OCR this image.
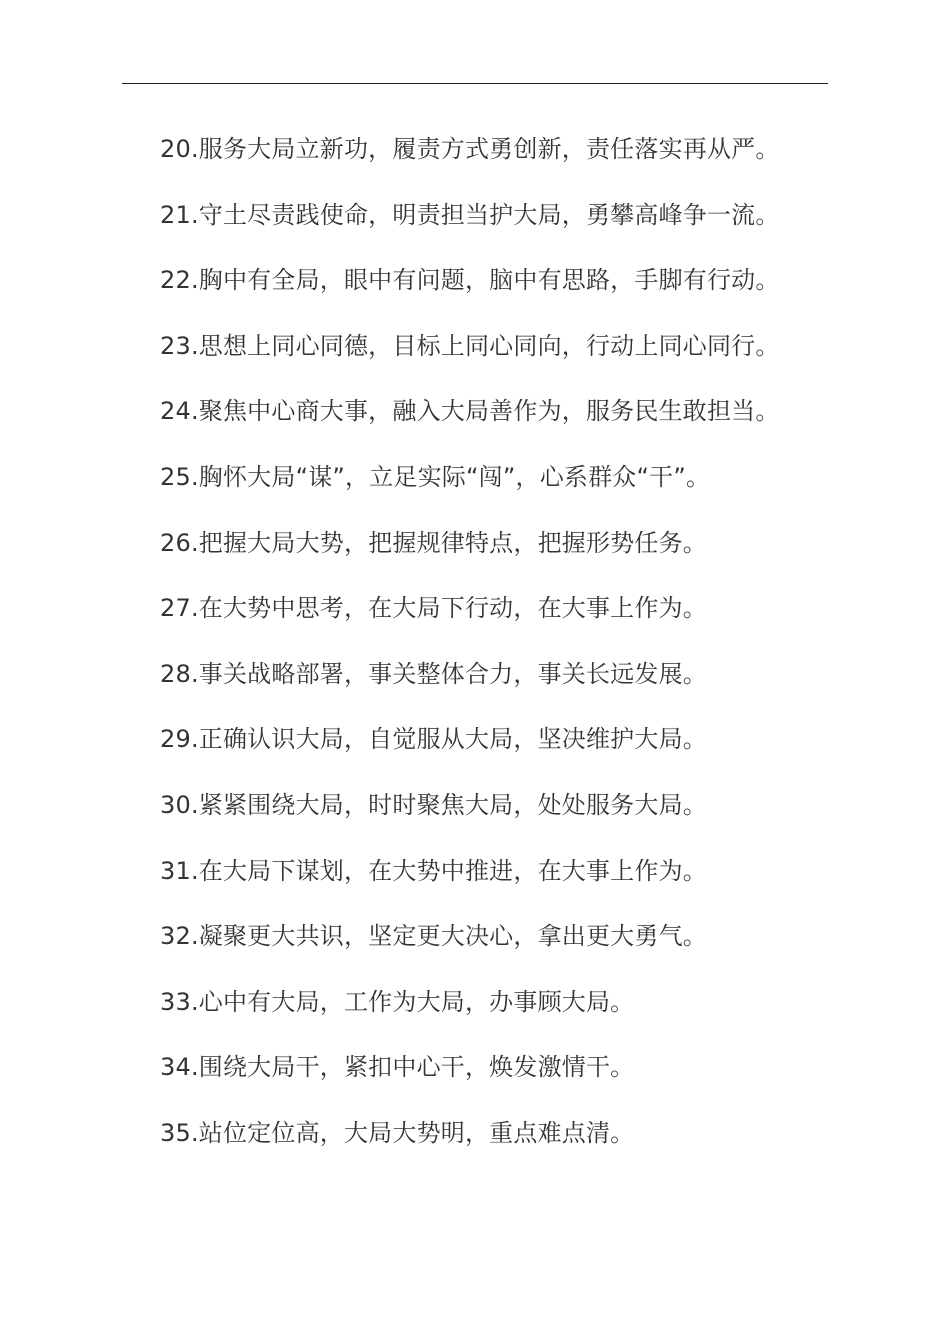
20.服务大局立新功，履责方式勇创新，责任落实再从严。
21.守土尽责践使命，明责担当护大局，勇攀高峰争一流。
22.胸中有全局，眼中有问题，脑中有思路，手脚有行动。
23.思想上同心同德，目标上同心同向，行动上同心同行。
24.聚焦中心商大事，融入大局善作为，服务民生敢担当。
25.胸怀大局“谋”，立足实际“闯”，心系群众“干”。
26.把握大局大势，把握规律特点，把握形势任务。
27.在大势中思考，在大局下行动，在大事上作为。
28.事关战略部署，事关整体合力，事关长远发展。
29.正确认识大局，自觉服从大局，坚决维护大局。
30.紧紧围绕大局，时时聚焦大局，处处服务大局。
31.在大局下谋划，在大势中推进，在大事上作为。
32.凝聚更大共识，坚定更大决心，拿出更大勇气。
33.心中有大局，工作为大局，办事顾大局。
34.围绕大局干，紧扣中心干，焕发激情干。
35.站位定位高，大局大势明，重点难点清。
